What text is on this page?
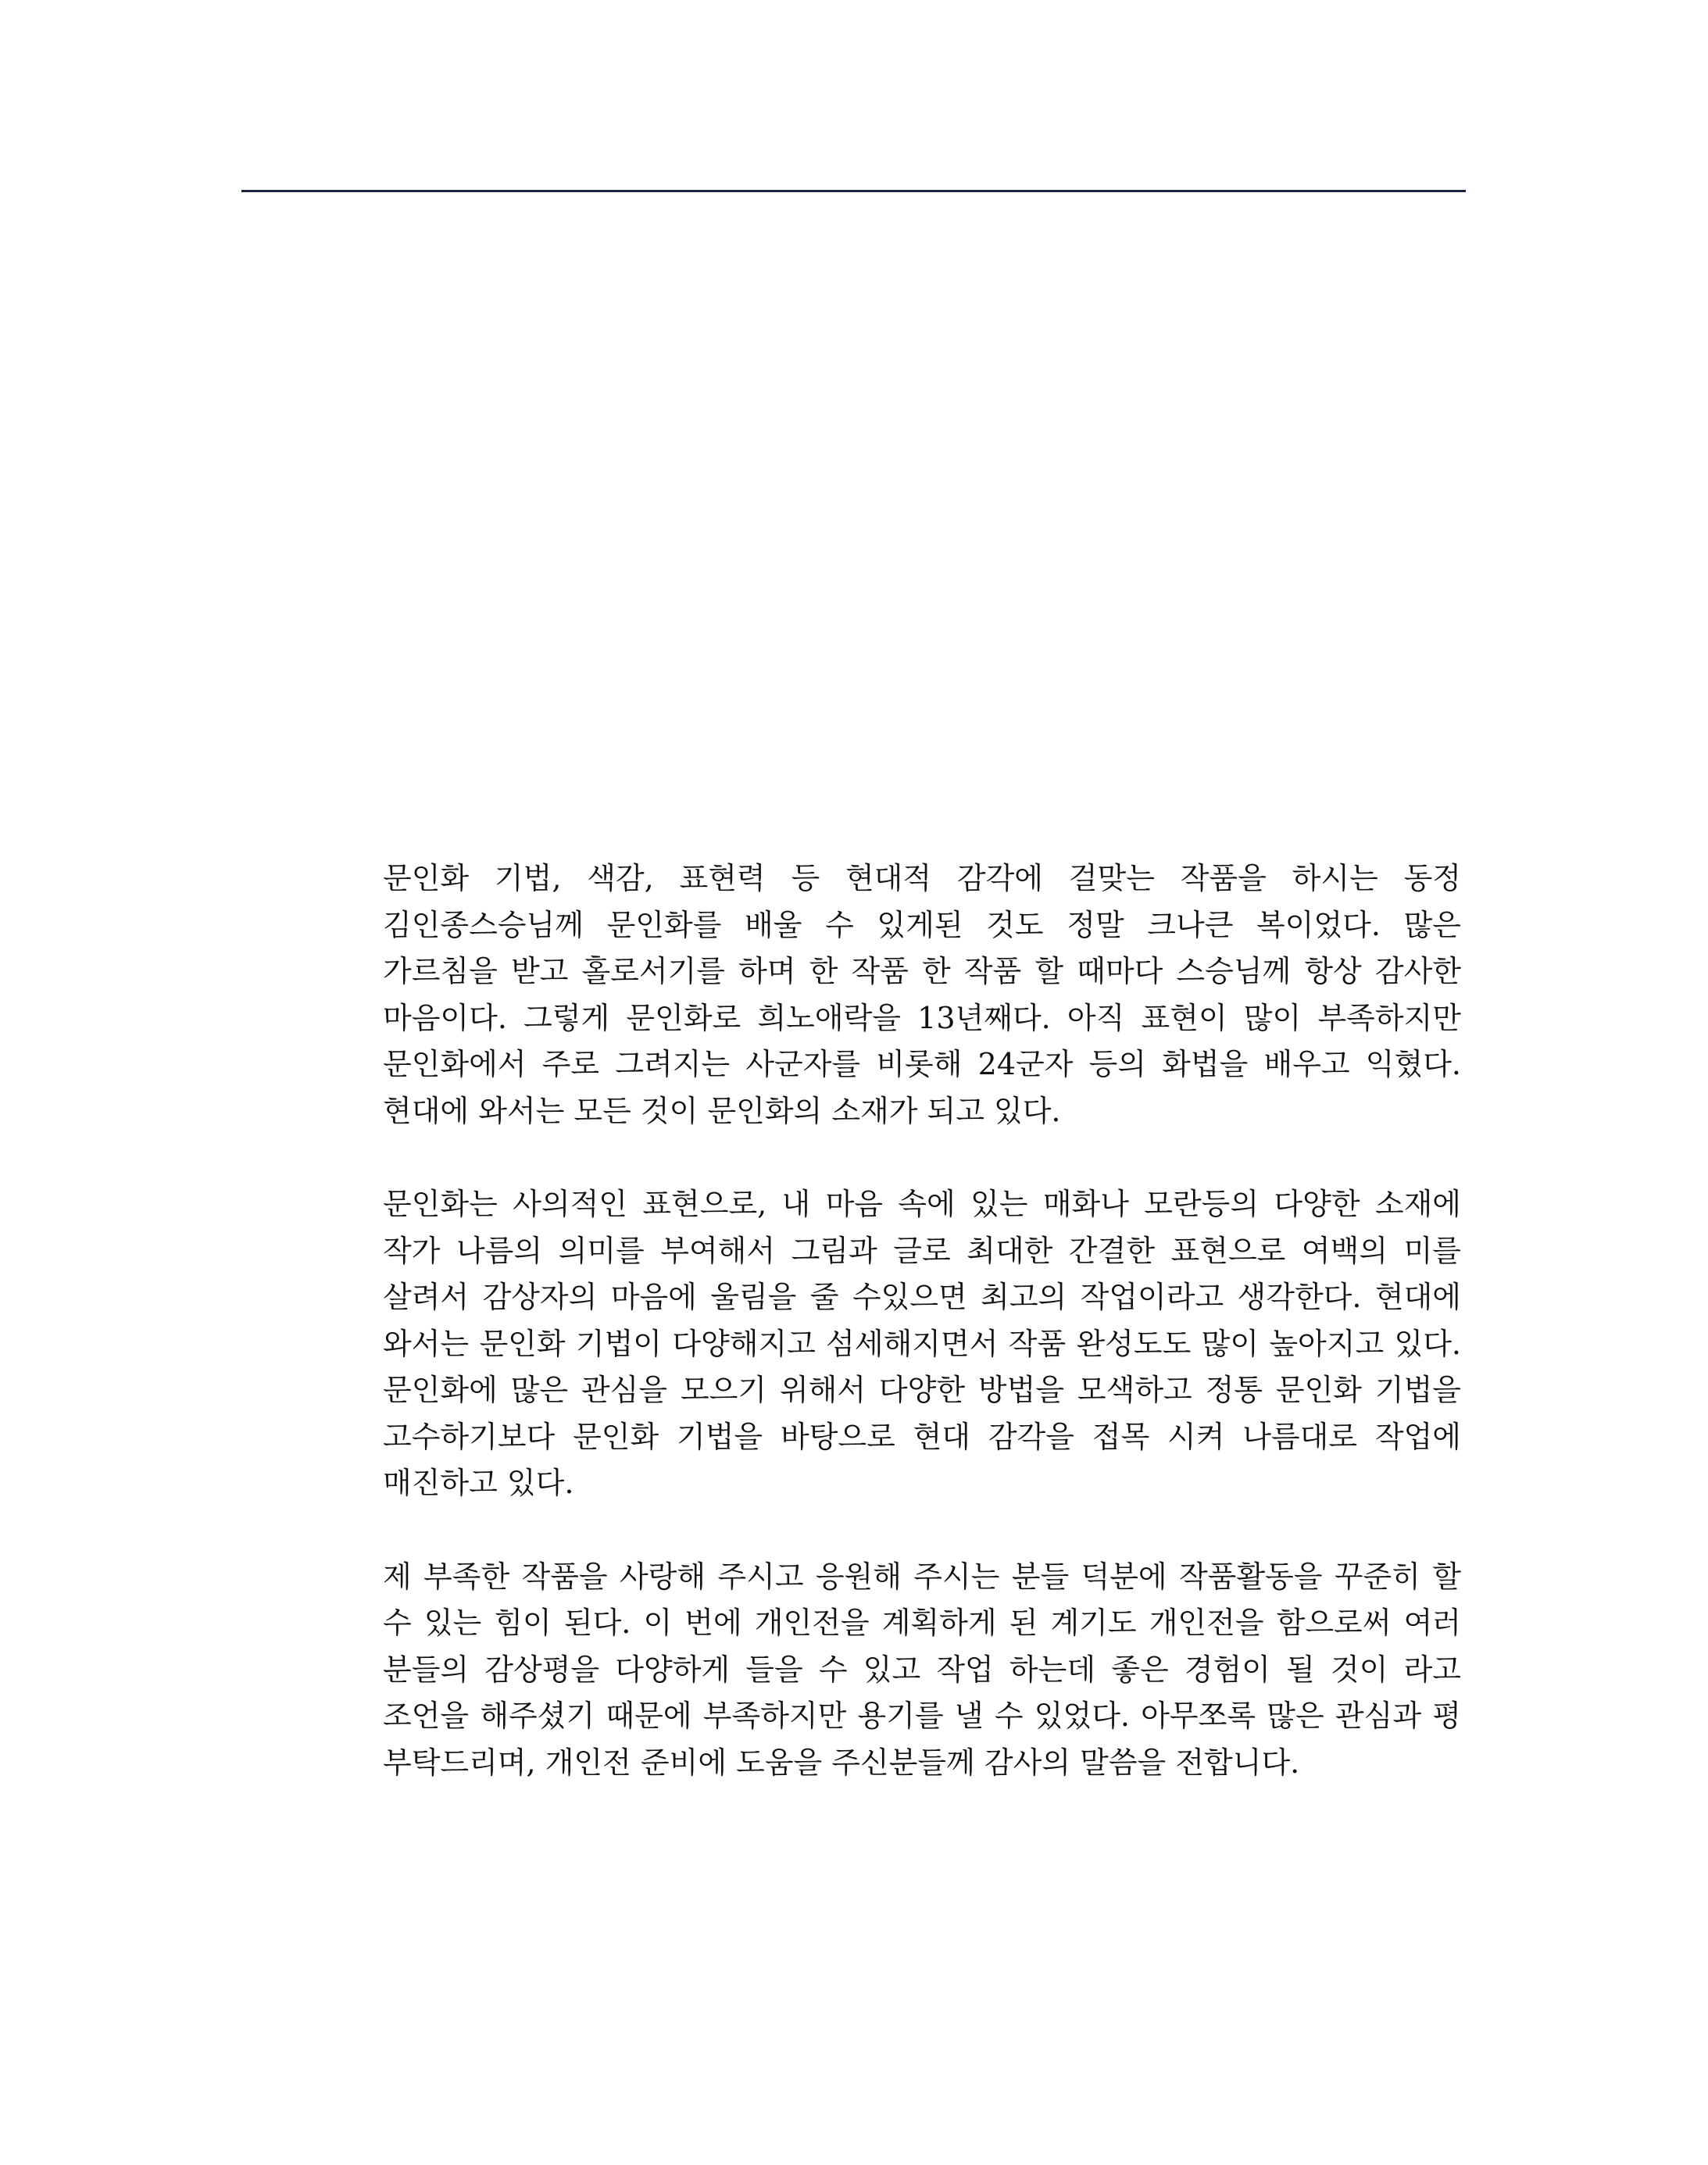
문인화 기법, 색감, 표현력 등 현대적 감각에 걸맞는 작품을 하시는 동정 김인종스승님께 문인화를 배울 수 있게된 것도 정말 크나큰 복이었다. 많은 가르침을 받고 홀로서기를 하며 한 작품 한 작품 할 때마다 스승님께 항상 감사한 마음이다. 그렇게 문인화로 희노애락을 13년째다. 아직 표현이 많이 부족하지만 문인화에서 주로 그려지는 사군자를 비롯해 24군자 등의 화법을 배우고 익혔다. 현대에 와서는 모든 것이 문인화의 소재가 되고 있다.

문인화는 사의적인 표현으로, 내 마음 속에 있는 매화나 모란등의 다양한 소재에 작가 나름의 의미를 부여해서 그림과 글로 최대한 간결한 표현으로 여백의 미를 살려서 감상자의 마음에 울림을 줄 수있으면 최고의 작업이라고 생각한다. 현대에 와서는 문인화 기법이 다양해지고 섬세해지면서 작품 완성도도 많이 높아지고 있다. 문인화에 많은 관심을 모으기 위해서 다양한 방법을 모색하고 정통 문인화 기법을 고수하기보다 문인화 기법을 바탕으로 현대 감각을 접목 시켜 나름대로 작업에 매진하고 있다.

제 부족한 작품을 사랑해 주시고 응원해 주시는 분들 덕분에 작품활동을 꾸준히 할 수 있는 힘이 된다. 이 번에 개인전을 계획하게 된 계기도 개인전을 함으로써 여러 분들의 감상평을 다양하게 들을 수 있고 작업 하는데 좋은 경험이 될 것이 라고 조언을 해주셨기 때문에 부족하지만 용기를 낼 수 있었다. 아무쪼록 많은 관심과 평 부탁드리며, 개인전 준비에 도움을 주신분들께 감사의 말씀을 전합니다.
